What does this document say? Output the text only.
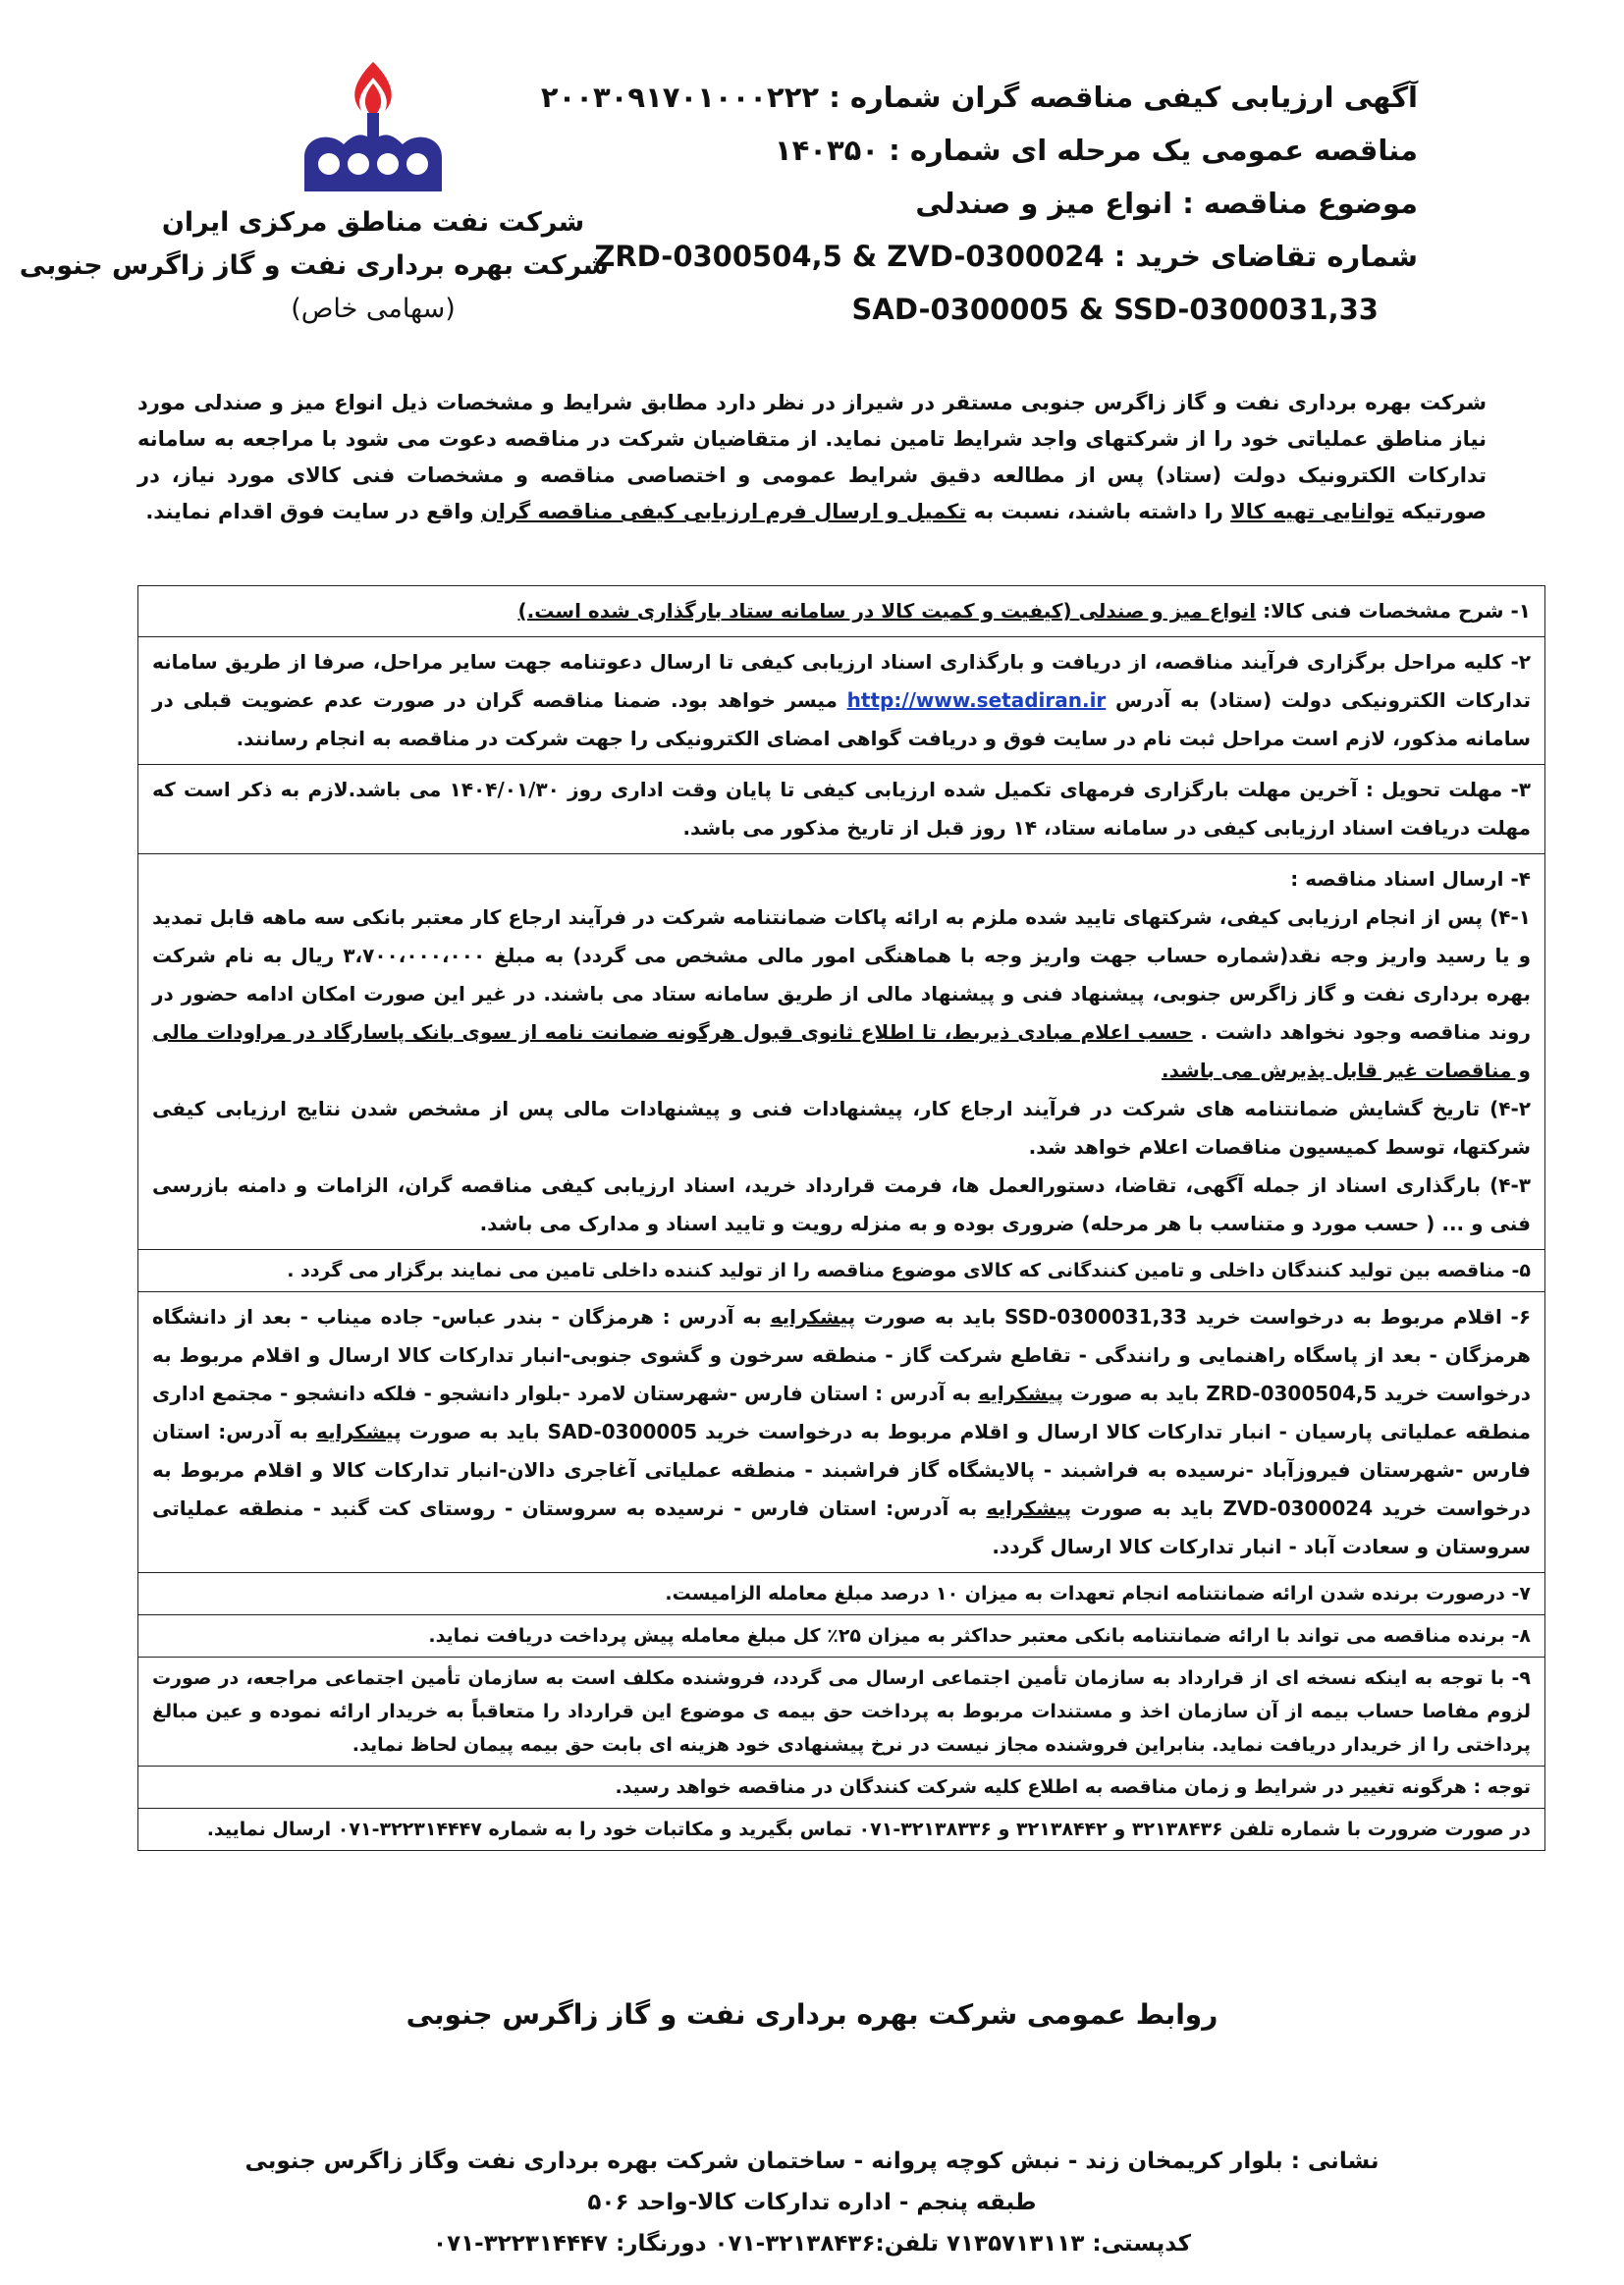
شرکت نفت مناطق مرکزی ایران
شرکت بهره برداری نفت و گاز زاگرس جنوبی
(سهامی خاص)
آگهی ارزیابی کیفی مناقصه گران شماره : ۲۰۰۳۰۹۱۷۰۱۰۰۰۲۲۲
مناقصه عمومی یک مرحله ای شماره : ۱۴۰۳۵۰
موضوع مناقصه : انواع میز و صندلی
شماره تقاضای خرید : ZRD-0300504,5 & ZVD-0300024
SAD-0300005 & SSD-0300031,33
شرکت بهره برداری نفت و گاز زاگرس جنوبی مستقر در شیراز در نظر دارد مطابق شرایط و مشخصات ذیل انواع میز و صندلی مورد نیاز مناطق عملیاتی خود را از شرکتهای واجد شرایط تامین نماید. از متقاضیان شرکت در مناقصه دعوت می شود با مراجعه به سامانه تدارکات الکترونیک دولت (ستاد) پس از مطالعه دقیق شرایط عمومی و اختصاصی مناقصه و مشخصات فنی کالای مورد نیاز، در صورتیکه توانایی تهیه کالا را داشته باشند، نسبت به تکمیل و ارسال فرم ارزیابی کیفی مناقصه گران واقع در سایت فوق اقدام نمایند.
۱- شرح مشخصات فنی کالا: انواع میز و صندلی (کیفیت و کمیت کالا در سامانه ستاد بارگذاری شده است.)
۲- کلیه مراحل برگزاری فرآیند مناقصه، از دریافت و بارگذاری اسناد ارزیابی کیفی تا ارسال دعوتنامه جهت سایر مراحل، صرفا از طریق سامانه تدارکات الکترونیکی دولت (ستاد) به آدرس http://www.setadiran.ir میسر خواهد بود. ضمنا مناقصه گران در صورت عدم عضویت قبلی در سامانه مذکور، لازم است مراحل ثبت نام در سایت فوق و دریافت گواهی امضای الکترونیکی را جهت شرکت در مناقصه به انجام رسانند.
۳- مهلت تحویل : آخرین مهلت بارگزاری فرمهای تکمیل شده ارزیابی کیفی تا پایان وقت اداری روز ۱۴۰۴/۰۱/۳۰ می باشد.لازم به ذکر است که مهلت دریافت اسناد ارزیابی کیفی در سامانه ستاد، ۱۴ روز قبل از تاریخ مذکور می باشد.
۴- ارسال اسناد مناقصه :
۴-۱) پس از انجام ارزیابی کیفی، شرکتهای تایید شده ملزم به ارائه پاکات ضمانتنامه شرکت در فرآیند ارجاع کار معتبر بانکی سه ماهه قابل تمدید و یا رسید واریز وجه نقد(شماره حساب جهت واریز وجه با هماهنگی امور مالی مشخص می گردد) به مبلغ ۳،۷۰۰،۰۰۰،۰۰۰ ریال به نام شرکت بهره برداری نفت و گاز زاگرس جنوبی، پیشنهاد فنی و پیشنهاد مالی از طریق سامانه ستاد می باشند. در غیر این صورت امکان ادامه حضور در روند مناقصه وجود نخواهد داشت . حسب اعلام مبادی ذیربط، تا اطلاع ثانوی قبول هرگونه ضمانت نامه از سوی بانک پاسارگاد در مراودات مالی و مناقصات غیر قابل پذیرش می باشد.
۴-۲) تاریخ گشایش ضمانتنامه های شرکت در فرآیند ارجاع کار، پیشنهادات فنی و پیشنهادات مالی پس از مشخص شدن نتایج ارزیابی کیفی شرکتها، توسط کمیسیون مناقصات اعلام خواهد شد.
۴-۳) بارگذاری اسناد از جمله آگهی، تقاضا، دستورالعمل ها، فرمت قرارداد خرید، اسناد ارزیابی کیفی مناقصه گران، الزامات و دامنه بازرسی فنی و ... ( حسب مورد و متناسب با هر مرحله) ضروری بوده و به منزله رویت و تایید اسناد و مدارک می باشد.
۵- مناقصه بین تولید کنندگان داخلی و تامین کنندگانی که کالای موضوع مناقصه را از تولید کننده داخلی تامین می نمایند برگزار می گردد .
۶- اقلام مربوط به درخواست خرید SSD-0300031,33 باید به صورت پیشکرایه به آدرس : هرمزگان - بندر عباس- جاده میناب - بعد از دانشگاه هرمزگان - بعد از پاسگاه راهنمایی و رانندگی - تقاطع شرکت گاز - منطقه سرخون و گشوی جنوبی-انبار تدارکات کالا ارسال و اقلام مربوط به درخواست خرید ZRD-0300504,5 باید به صورت پیشکرایه به آدرس : استان فارس -شهرستان لامرد -بلوار دانشجو - فلکه دانشجو - مجتمع اداری منطقه عملیاتی پارسیان - انبار تدارکات کالا ارسال و اقلام مربوط به درخواست خرید SAD-0300005 باید به صورت پیشکرایه به آدرس: استان فارس -شهرستان فیروزآباد -نرسیده به فراشبند - پالایشگاه گاز فراشبند - منطقه عملیاتی آغاجری دالان-انبار تدارکات کالا و اقلام مربوط به درخواست خرید ZVD-0300024 باید به صورت پیشکرایه به آدرس: استان فارس - نرسیده به سروستان - روستای کت گنبد - منطقه عملیاتی سروستان و سعادت آباد - انبار تدارکات کالا ارسال گردد.
۷- درصورت برنده شدن ارائه ضمانتنامه انجام تعهدات به میزان ۱۰ درصد مبلغ معامله الزامیست.
۸- برنده مناقصه می تواند با ارائه ضمانتنامه بانکی معتبر حداکثر به میزان ۲۵٪ کل مبلغ معامله پیش پرداخت دریافت نماید.
۹- با توجه به اینکه نسخه ای از قرارداد به سازمان تأمین اجتماعی ارسال می گردد، فروشنده مکلف است به سازمان تأمین اجتماعی مراجعه، در صورت لزوم مفاصا حساب بیمه از آن سازمان اخذ و مستندات مربوط به پرداخت حق بیمه ی موضوع این قرارداد را متعاقباً به خریدار ارائه نموده و عین مبالغ پرداختی را از خریدار دریافت نماید. بنابراین فروشنده مجاز نیست در نرخ پیشنهادی خود هزینه ای بابت حق بیمه پیمان لحاظ نماید.
توجه : هرگونه تغییر در شرایط و زمان مناقصه به اطلاع کلیه شرکت کنندگان در مناقصه خواهد رسید.
در صورت ضرورت با شماره تلفن ۳۲۱۳۸۴۳۶ و ۳۲۱۳۸۴۴۲ و ۳۲۱۳۸۳۳۶-۰۷۱ تماس بگیرید و مکاتبات خود را به شماره ۳۲۲۳۱۴۴۴۷-۰۷۱ ارسال نمایید.
روابط عمومی شرکت بهره برداری نفت و گاز زاگرس جنوبی
نشانی : بلوار کریمخان زند - نبش کوچه پروانه - ساختمان شرکت بهره برداری نفت وگاز زاگرس جنوبی
طبقه پنجم - اداره تدارکات کالا-واحد ۵۰۶
کدپستی: ۷۱۳۵۷۱۳۱۱۳ تلفن:۳۲۱۳۸۴۳۶-۰۷۱ دورنگار: ۳۲۲۳۱۴۴۴۷-۰۷۱
